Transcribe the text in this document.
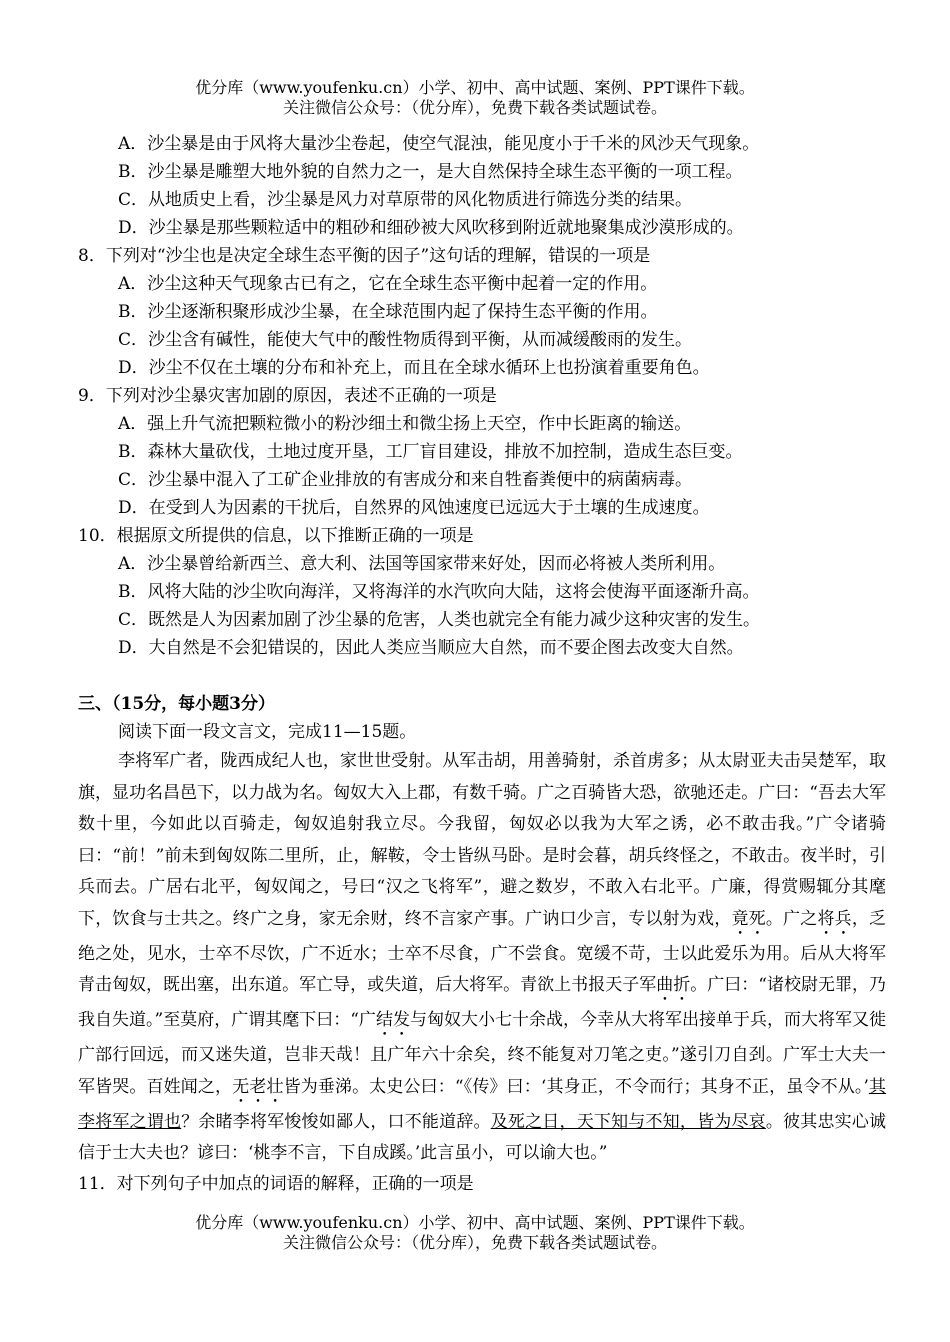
优分库（www.youfenku.cn）小学、初中、高中试题、案例、PPT课件下载。
关注微信公众号：（优分库），免费下载各类试题试卷。
A．沙尘暴是由于风将大量沙尘卷起，使空气混浊，能见度小于千米的风沙天气现象。
B．沙尘暴是雕塑大地外貌的自然力之一，是大自然保持全球生态平衡的一项工程。
C．从地质史上看，沙尘暴是风力对草原带的风化物质进行筛选分类的结果。
D．沙尘暴是那些颗粒适中的粗砂和细砂被大风吹移到附近就地聚集成沙漠形成的。
8．下列对“沙尘也是决定全球生态平衡的因子”这句话的理解，错误的一项是
A．沙尘这种天气现象古已有之，它在全球生态平衡中起着一定的作用。
B．沙尘逐渐积聚形成沙尘暴，在全球范围内起了保持生态平衡的作用。
C．沙尘含有碱性，能使大气中的酸性物质得到平衡，从而减缓酸雨的发生。
D．沙尘不仅在土壤的分布和补充上，而且在全球水循环上也扮演着重要角色。
9．下列对沙尘暴灾害加剧的原因，表述不正确的一项是
A．强上升气流把颗粒微小的粉沙细土和微尘扬上天空，作中长距离的输送。
B．森林大量砍伐，土地过度开垦，工厂盲目建设，排放不加控制，造成生态巨变。
C．沙尘暴中混入了工矿企业排放的有害成分和来自牲畜粪便中的病菌病毒。
D．在受到人为因素的干扰后，自然界的风蚀速度已远远大于土壤的生成速度。
10．根据原文所提供的信息，以下推断正确的一项是
A．沙尘暴曾给新西兰、意大利、法国等国家带来好处，因而必将被人类所利用。
B．风将大陆的沙尘吹向海洋，又将海洋的水汽吹向大陆，这将会使海平面逐渐升高。
C．既然是人为因素加剧了沙尘暴的危害，人类也就完全有能力减少这种灾害的发生。
D．大自然是不会犯错误的，因此人类应当顺应大自然，而不要企图去改变大自然。
三、（15分，每小题3分）
阅读下面一段文言文，完成11—15题。
李将军广者，陇西成纪人也，家世世受射。从军击胡，用善骑射，杀首虏多；从太尉亚夫击吴楚军，取旗，显功名昌邑下，以力战为名。匈奴大入上郡，有数千骑。广之百骑皆大恐，欲驰还走。广曰：“吾去大军数十里，今如此以百骑走，匈奴追射我立尽。今我留，匈奴必以我为大军之诱，必不敢击我。”广令诸骑曰：“前！”前未到匈奴陈二里所，止，解鞍，令士皆纵马卧。是时会暮，胡兵终怪之，不敢击。夜半时，引兵而去。广居右北平，匈奴闻之，号曰“汉之飞将军”，避之数岁，不敢入右北平。广廉，得赏赐辄分其麾下，饮食与士共之。终广之身，家无余财，终不言家产事。广讷口少言，专以射为戏，竟死。广之将兵，乏绝之处，见水，士卒不尽饮，广不近水；士卒不尽食，广不尝食。宽缓不苛，士以此爱乐为用。后从大将军青击匈奴，既出塞，出东道。军亡导，或失道，后大将军。青欲上书报天子军曲折。广曰：“诸校尉无罪，乃我自失道。”至莫府，广谓其麾下曰：“广结发与匈奴大小七十余战，今幸从大将军出接单于兵，而大将军又徙广部行回远，而又迷失道，岂非天哉！且广年六十余矣，终不能复对刀笔之吏。”遂引刀自刭。广军士大夫一军皆哭。百姓闻之，无老壮皆为垂涕。太史公曰：“《传》曰：‘其身正，不令而行；其身不正，虽令不从。’其李将军之谓也？余睹李将军悛悛如鄙人，口不能道辞。及死之日，天下知与不知，皆为尽哀。彼其忠实心诚信于士大夫也？谚曰：‘桃李不言，下自成蹊。’此言虽小，可以谕大也。”
11．对下列句子中加点的词语的解释，正确的一项是
优分库（www.youfenku.cn）小学、初中、高中试题、案例、PPT课件下载。
关注微信公众号：（优分库），免费下载各类试题试卷。
